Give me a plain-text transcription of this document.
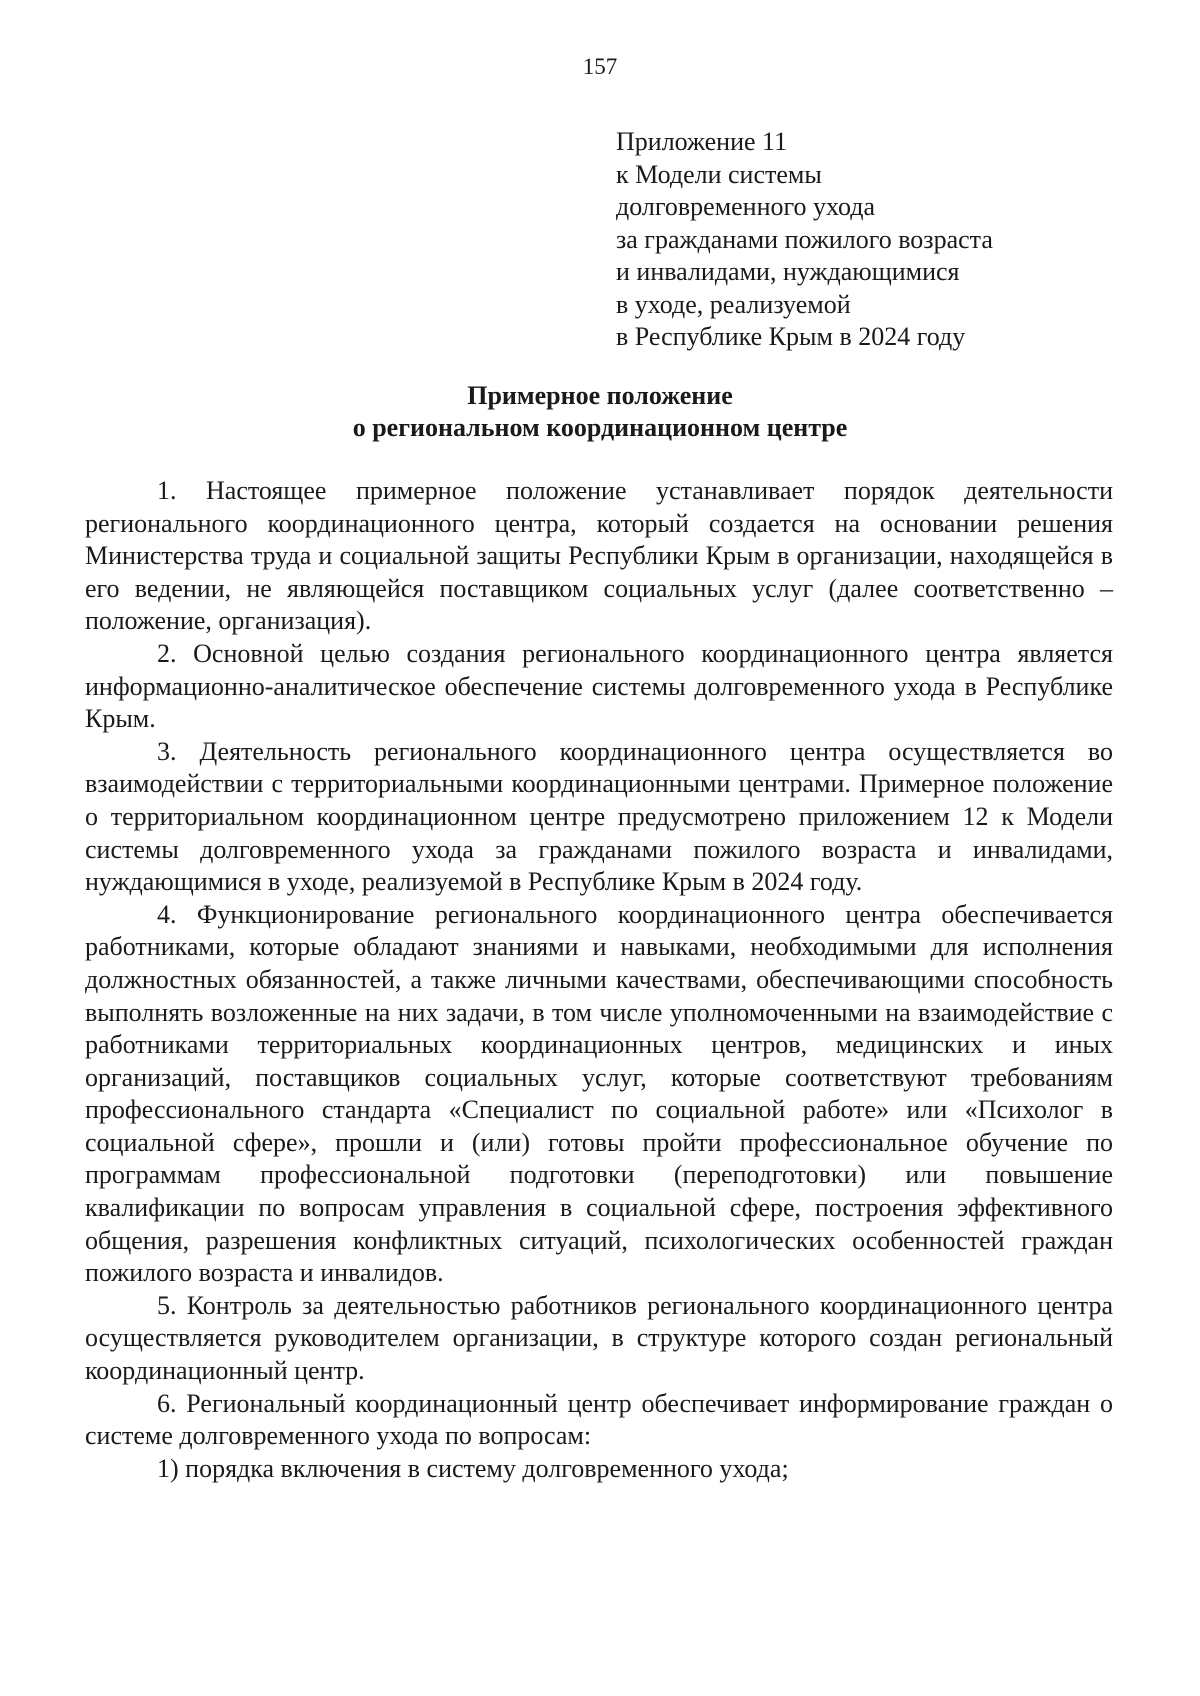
157
Приложение 11
к Модели системы
долговременного ухода
за гражданами пожилого возраста
и инвалидами, нуждающимися
в уходе, реализуемой
в Республике Крым в 2024 году
Примерное положение
о региональном координационном центре

1. Настоящее примерное положение устанавливает порядок деятельности регионального координационного центра, который создается на основании решения Министерства труда и социальной защиты Республики Крым в организации, находящейся в его ведении, не являющейся поставщиком социальных услуг (далее соответственно – положение, организация).

2. Основной целью создания регионального координационного центра является информационно-аналитическое обеспечение системы долговременного ухода в Республике Крым.

3. Деятельность регионального координационного центра осуществляется во взаимодействии с территориальными координационными центрами. Примерное положение о территориальном координационном центре предусмотрено приложением 12 к Модели системы долговременного ухода за гражданами пожилого возраста и инвалидами, нуждающимися в уходе, реализуемой в Республике Крым в 2024 году.

4. Функционирование регионального координационного центра обеспечивается работниками, которые обладают знаниями и навыками, необходимыми для исполнения должностных обязанностей, а также личными качествами, обеспечивающими способность выполнять возложенные на них задачи, в том числе уполномоченными на взаимодействие с работниками территориальных координационных центров, медицинских и иных организаций, поставщиков социальных услуг, которые соответствуют требованиям профессионального стандарта «Специалист по социальной работе» или «Психолог в социальной сфере», прошли и (или) готовы пройти профессиональное обучение по программам профессиональной подготовки (переподготовки) или повышение квалификации по вопросам управления в социальной сфере, построения эффективного общения, разрешения конфликтных ситуаций, психологических особенностей граждан пожилого возраста и инвалидов.

5. Контроль за деятельностью работников регионального координационного центра осуществляется руководителем организации, в структуре которого создан региональный координационный центр.

6. Региональный координационный центр обеспечивает информирование граждан о системе долговременного ухода по вопросам:

1) порядка включения в систему долговременного ухода;
